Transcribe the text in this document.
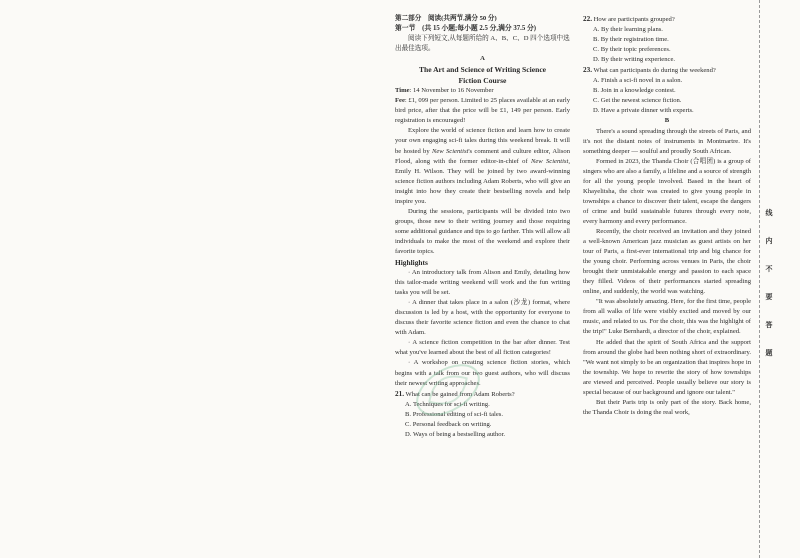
第二部分　阅读(共两节,满分 50 分)

第一节　(共 15 小题;每小题 2.5 分,满分 37.5 分)

阅读下列短文,从每题所给的 A、B、C、D 四个选项中选出最佳选项。

A

The Art and Science of Writing Science

Fiction Course

Time: 14 November to 16 November

Fee: £1, 099 per person. Limited to 25 places available at an early bird price, after that the price will be £1, 149 per person. Early registration is encouraged!

Explore the world of science fiction and learn how to create your own engaging sci-fi tales during this weekend break. It will be hosted by New Scientist's comment and culture editor, Alison Flood, along with the former editor-in-chief of New Scientist, Emily H. Wilson. They will be joined by two award-winning science fiction authors including Adam Roberts, who will give an insight into how they create their bestselling novels and help inspire you.

During the sessions, participants will be divided into two groups, those new to their writing journey and those requiring some additional guidance and tips to go farther. This will allow all individuals to make the most of the weekend and explore their favorite topics.

Highlights

· An introductory talk from Alison and Emily, detailing how this tailor-made writing weekend will work and the fun writing tasks you will be set.

· A dinner that takes place in a salon (沙龙) format, where discussion is led by a host, with the opportunity for everyone to discuss their favorite science fiction and even the chance to chat with Adam.

· A science fiction competition in the bar after dinner. Test what you've learned about the best of all fiction categories!

· A workshop on creating science fiction stories, which begins with a talk from our two guest authors, who will discuss their newest writing approaches.

21. What can be gained from Adam Roberts?

A. Techniques for sci-fi writing.

B. Professional editing of sci-fi tales.

C. Personal feedback on writing.

D. Ways of being a bestselling author.

22. How are participants grouped?

A. By their learning plans.

B. By their registration time.

C. By their topic preferences.

D. By their writing experience.

23. What can participants do during the weekend?

A. Finish a sci-fi novel in a salon.

B. Join in a knowledge contest.

C. Get the newest science fiction.

D. Have a private dinner with experts.

B

There's a sound spreading through the streets of Paris, and it's not the distant notes of instruments in Montmartre. It's something deeper — soulful and proudly South African.

Formed in 2023, the Thanda Choir (合唱团) is a group of singers who are also a family, a lifeline and a source of strength for all the young people involved. Based in the heart of Khayelitsha, the choir was created to give young people in townships a chance to discover their talent, escape the dangers of crime and build sustainable futures through every note, every harmony and every performance.

Recently, the choir received an invitation and they joined a well-known American jazz musician as guest artists on her tour of Paris, a first-ever international trip and big chance for the young choir. Performing across venues in Paris, the choir brought their unmistakable energy and passion to each space they filled. Videos of their performances started spreading online, and suddenly, the world was watching.

"It was absolutely amazing. Here, for the first time, people from all walks of life were visibly excited and moved by our music, and related to us. For the choir, this was the highlight of the trip!" Luke Bernhardi, a director of the choir, explained.

He added that the spirit of South Africa and the support from around the globe had been nothing short of extraordinary. "We want not simply to be an organization that inspires hope in the township. We hope to rewrite the story of how townships are viewed and perceived. People usually believe our story is special because of our background and ignore our talent."

But their Paris trip is only part of the story. Back home, the Thanda Choir is doing the real work,

线
内
不
要
答
题
